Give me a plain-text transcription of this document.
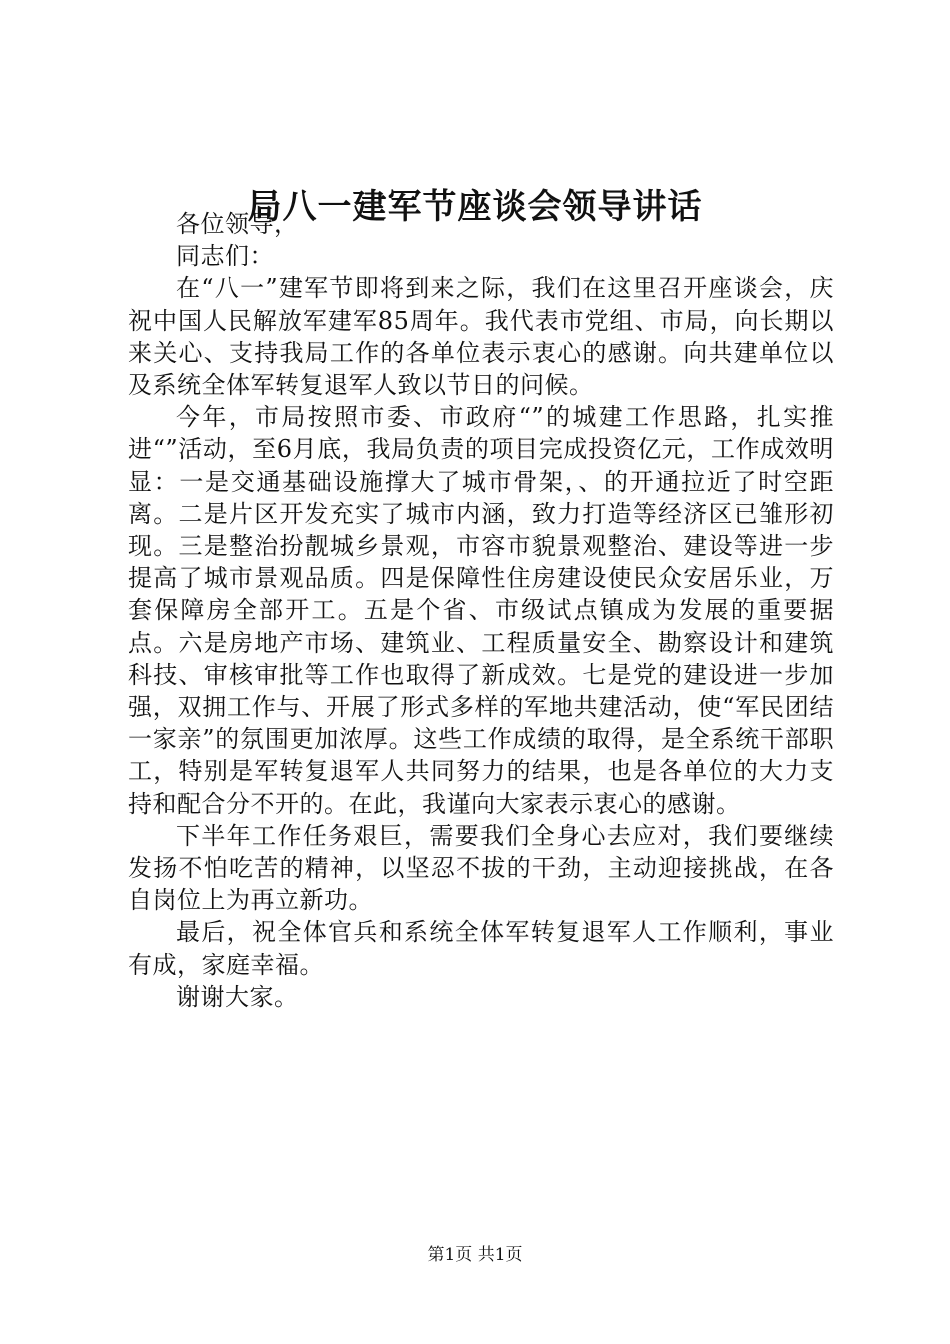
局八一建军节座谈会领导讲话

各位领导，

同志们：

在“八一”建军节即将到来之际，我们在这里召开座谈会，庆祝中国人民解放军建军85周年。我代表市党组、市局，向长期以来关心、支持我局工作的各单位表示衷心的感谢。向共建单位以及系统全体军转复退军人致以节日的问候。

今年，市局按照市委、市政府“”的城建工作思路，扎实推进“”活动，至6月底，我局负责的项目完成投资亿元，工作成效明显：一是交通基础设施撑大了城市骨架，、的开通拉近了时空距离。二是片区开发充实了城市内涵，致力打造等经济区已雏形初现。三是整治扮靓城乡景观，市容市貌景观整治、建设等进一步提高了城市景观品质。四是保障性住房建设使民众安居乐业，万套保障房全部开工。五是个省、市级试点镇成为发展的重要据点。六是房地产市场、建筑业、工程质量安全、勘察设计和建筑科技、审核审批等工作也取得了新成效。七是党的建设进一步加强，双拥工作与、开展了形式多样的军地共建活动，使“军民团结一家亲”的氛围更加浓厚。这些工作成绩的取得，是全系统干部职工，特别是军转复退军人共同努力的结果，也是各单位的大力支持和配合分不开的。在此，我谨向大家表示衷心的感谢。

下半年工作任务艰巨，需要我们全身心去应对，我们要继续发扬不怕吃苦的精神，以坚忍不拔的干劲，主动迎接挑战，在各自岗位上为再立新功。

最后，祝全体官兵和系统全体军转复退军人工作顺利，事业有成，家庭幸福。

谢谢大家。

第1页 共1页
